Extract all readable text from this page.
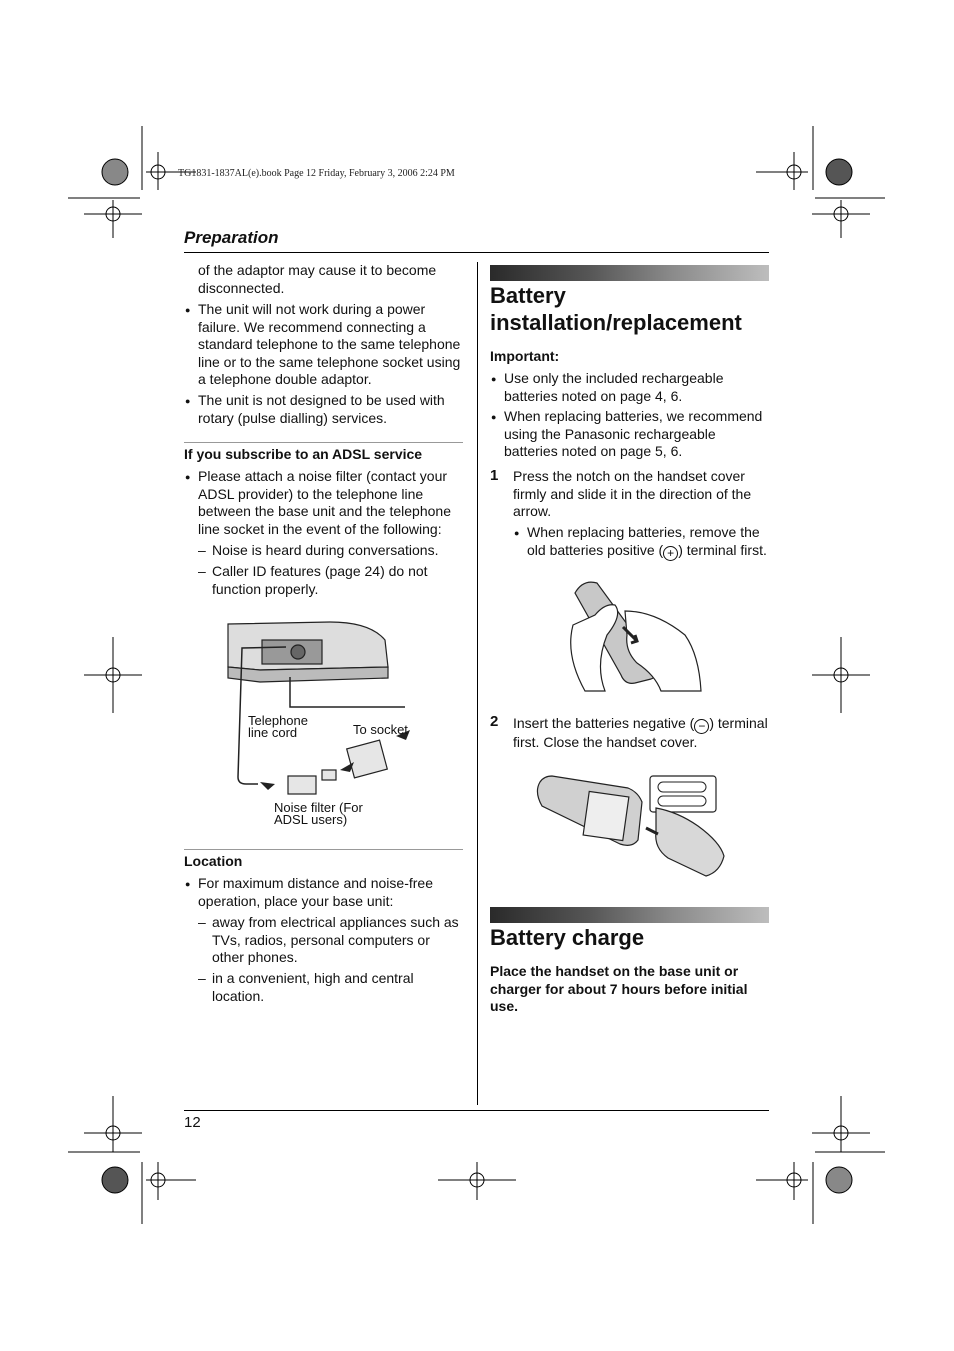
TG1831-1837AL(e).book Page 12 Friday, February 3, 2006 2:24 PM
Preparation
of the adaptor may cause it to become disconnected.
● The unit will not work during a power failure. We recommend connecting a standard telephone to the same telephone line or to the same telephone socket using a telephone double adaptor.
● The unit is not designed to be used with rotary (pulse dialling) services.
If you subscribe to an ADSL service
● Please attach a noise filter (contact your ADSL provider) to the telephone line between the base unit and the telephone line socket in the event of the following:
– Noise is heard during conversations.
– Caller ID features (page 24) do not function properly.
Telephone line cord	To socket
Noise filter (For ADSL users)
Location
● For maximum distance and noise-free operation, place your base unit:
– away from electrical appliances such as TVs, radios, personal computers or other phones.
– in a convenient, high and central location.
Battery installation/replacement
Important:
● Use only the included rechargeable batteries noted on page 4, 6.
● When replacing batteries, we recommend using the Panasonic rechargeable batteries noted on page 5, 6.
1 Press the notch on the handset cover firmly and slide it in the direction of the arrow.
● When replacing batteries, remove the old batteries positive ( + ) terminal first.
2 Insert the batteries negative ( − ) terminal first. Close the handset cover.
Battery charge
Place the handset on the base unit or charger for about 7 hours before initial use.
12
